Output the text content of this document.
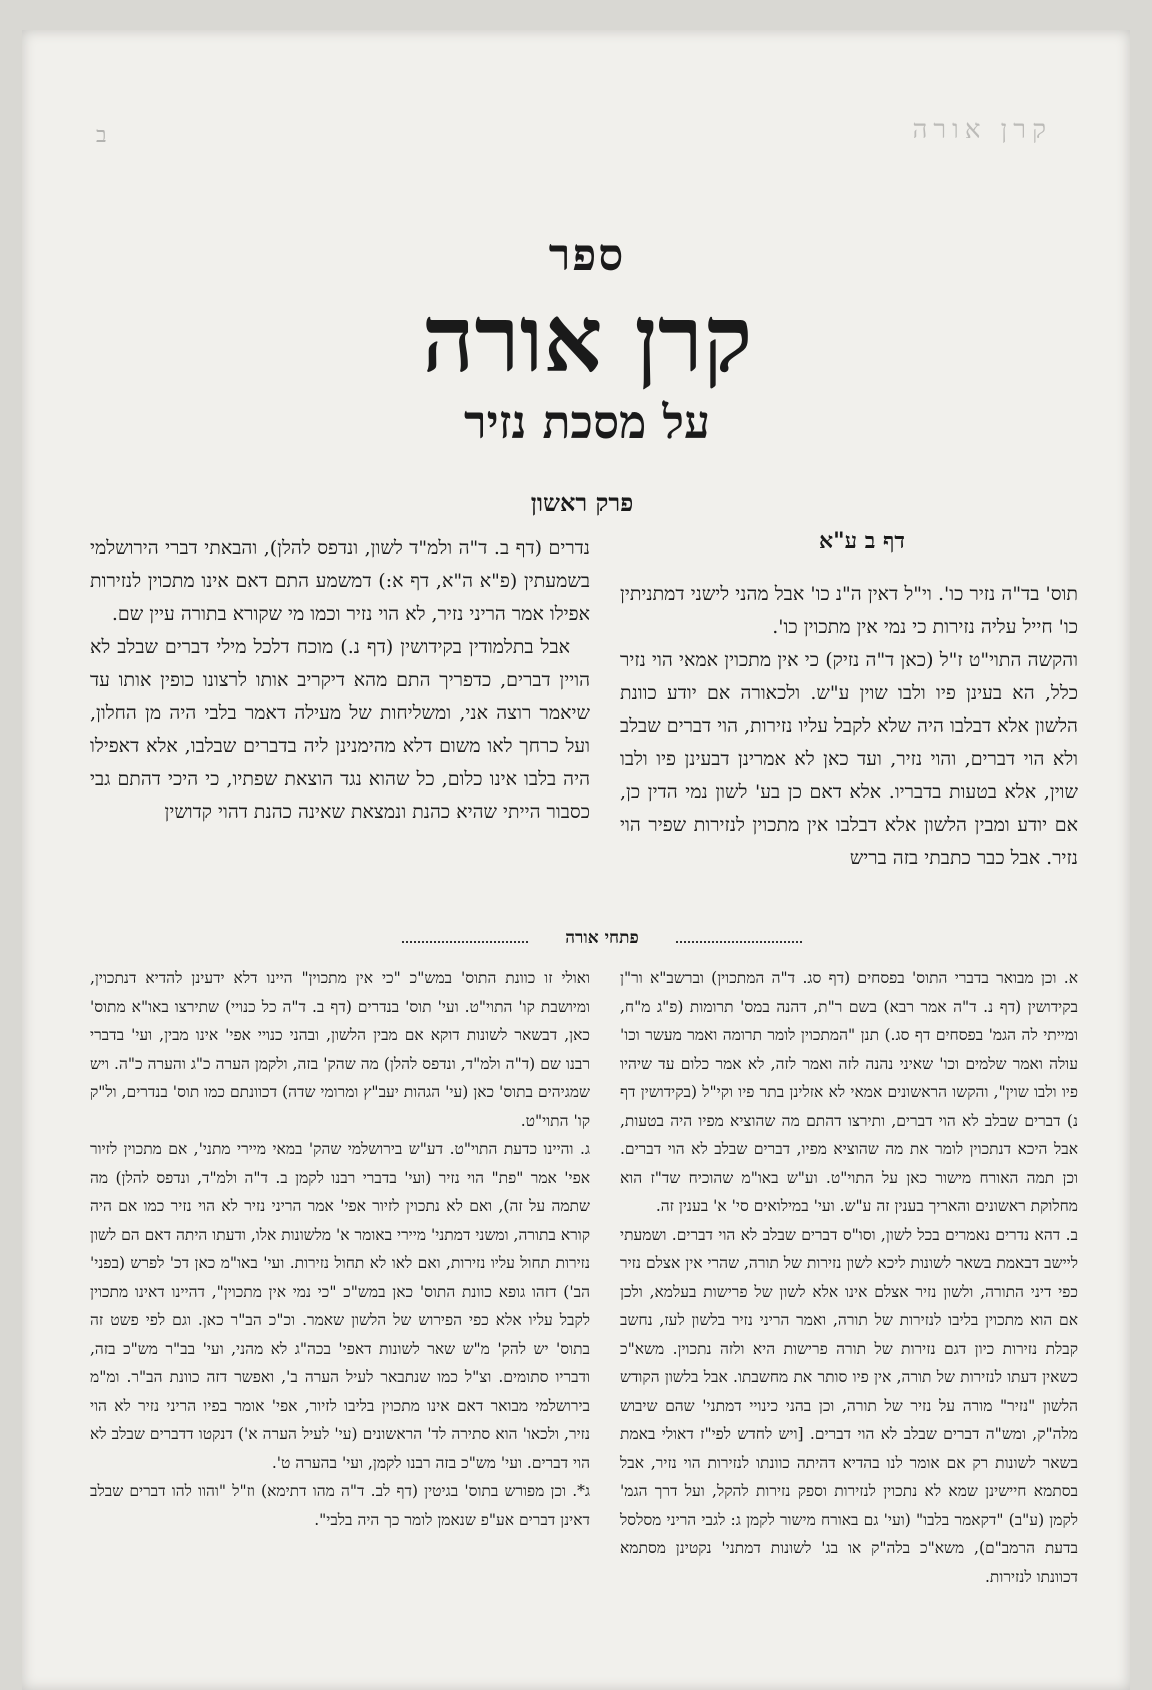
ב	קרן אורה
ספר
קרן אורה
על מסכת נזיר
פרק ראשון
דף ב ע"א

תוס' בד"ה נזיר כו'. וי"ל דאין ה"נ כו' אבל מהני לישני דמתניתין כו' חייל עליה נזירות כי נמי אין מתכוין כו'.

והקשה התוי"ט ז"ל (כאן ד"ה נזיק) כי אין מתכוין אמאי הוי נזיר כלל, הא בעינן פיו ולבו שוין ע"ש. ולכאורה אם יודע כוונת הלשון אלא דבלבו היה שלא לקבל עליו נזירות, הוי דברים שבלב ולא הוי דברים, והוי נזיר, ועד כאן לא אמרינן דבעינן פיו ולבו שוין, אלא בטעות בדבריו. אלא דאם כן בע' לשון נמי הדין כן, אם יודע ומבין הלשון אלא דבלבו אין מתכוין לנזירות שפיר הוי נזיר. אבל כבר כתבתי בזה בריש

נדרים (דף ב. ד"ה ולמ"ד לשון, ונדפס להלן), והבאתי דברי הירושלמי בשמעתין (פ"א ה"א, דף א:) דמשמע התם דאם אינו מתכוין לנזירות אפילו אמר הריני נזיר, לא הוי נזיר וכמו מי שקורא בתורה עיין שם.

אבל בתלמודין בקידושין (דף נ.) מוכח דלכל מילי דברים שבלב לא הויין דברים, כדפריך התם מהא דיקריב אותו לרצונו כופין אותו עד שיאמר רוצה אני, ומשליחות של מעילה דאמר בלבי היה מן החלון, ועל כרחך לאו משום דלא מהימנינן ליה בדברים שבלבו, אלא דאפילו היה בלבו אינו כלום, כל שהוא נגד הוצאת שפתיו, כי היכי דהתם גבי כסבור הייתי שהיא כהנת ונמצאת שאינה כהנת דהוי קדושין

פתחי אורה

א. וכן מבואר בדברי התוס' בפסחים (דף סג. ד"ה המתכוין) וברשב"א ור"ן בקידושין (דף נ. ד"ה אמר רבא) בשם ר"ת, דהנה במס' תרומות (פ"ג מ"ח, ומייתי לה הגמ' בפסחים דף סג.) תנן "המתכוין לומר תרומה ואמר מעשר וכו' עולה ואמר שלמים וכו' שאיני נהנה לזה ואמר לזה, לא אמר כלום עד שיהיו פיו ולבו שוין", והקשו הראשונים אמאי לא אזלינן בתר פיו וקי"ל (בקידושין דף נ) דברים שבלב לא הוי דברים, ותירצו דהתם מה שהוציא מפיו היה בטעות, אבל היכא דנתכוין לומר את מה שהוציא מפיו, דברים שבלב לא הוי דברים. וכן תמה האורח מישור כאן על התוי"ט. וע"ש באו"מ שהוכיח שד"ז הוא מחלוקת ראשונים והאריך בענין זה ע"ש. ועי' במילואים סי' א' בענין זה.

ב. דהא נדרים נאמרים בכל לשון, וסו"ס דברים שבלב לא הוי דברים. ושמעתי ליישב דבאמת בשאר לשונות ליכא לשון נזירות של תורה, שהרי אין אצלם נזיר כפי דיני התורה, ולשון נזיר אצלם אינו אלא לשון של פרישות בעלמא, ולכן אם הוא מתכוין בליבו לנזירות של תורה, ואמר הריני נזיר בלשון לעז, נחשב קבלת נזירות כיון דגם נזירות של תורה פרישות היא ולזה נתכוין. משא"כ כשאין דעתו לנזירות של תורה, אין פיו סותר את מחשבתו. אבל בלשון הקודש הלשון "נזיר" מורה על נזיר של תורה, וכן בהני כינויי דמתני' שהם שיבוש מלה"ק, ומש"ה דברים שבלב לא הוי דברים. [ויש לחדש לפי"ז דאולי באמת בשאר לשונות רק אם אומר לנו בהדיא דהיתה כוונתו לנזירות הוי נזיר, אבל בסתמא חיישינן שמא לא נתכוין לנזירות וספק נזירות להקל, ועל דרך הגמ' לקמן (ע"ב) "דקאמר בלבו" (ועי' גם באורח מישור לקמן ג: לגבי הריני מסלסל בדעת הרמב"ם), משא"כ בלה"ק או בג' לשונות דמתני' נקטינן מסתמא דכוונתו לנזירות.

ואולי זו כוונת התוס' במש"כ "כי אין מתכוין" היינו דלא ידעינן להדיא דנתכוין, ומיושבת קו' התוי"ט. ועי' תוס' בנדרים (דף ב. ד"ה כל כנויי) שתירצו באו"א מתוס' כאן, דבשאר לשונות דוקא אם מבין הלשון, ובהני כנויי אפי' אינו מבין, ועי' בדברי רבנו שם (ד"ה ולמ"ד, ונדפס להלן) מה שהק' בזה, ולקמן הערה כ"ג והערה כ"ה. ויש שמגיהים בתוס' כאן (עי' הגהות יעב"ץ ומרומי שדה) דכוונתם כמו תוס' בנדרים, ול"ק קו' התוי"ט.

ג. והיינו כדעת התוי"ט. דע"ש בירושלמי שהק' במאי מיירי מתני', אם מתכוין לזיור אפי' אמר "פת" הוי נזיר (ועי' בדברי רבנו לקמן ב. ד"ה ולמ"ד, ונדפס להלן) מה שתמה על זה), ואם לא נתכוין לזיור אפי' אמר הריני נזיר לא הוי נזיר כמו אם היה קורא בתורה, ומשני דמתני' מיירי באומר א' מלשונות אלו, ודעתו היתה דאם הם לשון נזירות תחול עליו נזירות, ואם לאו לא תחול נזירות. ועי' באו"מ כאן דכ' לפרש (בפני' הב') דזהו גופא כוונת התוס' כאן במש"כ "כי נמי אין מתכוין", דהיינו דאינו מתכוין לקבל עליו אלא כפי הפירוש של הלשון שאמר. וכ"כ הב"ר כאן. וגם לפי פשט זה בתוס' יש להק' מ"ש שאר לשונות דאפי' בכה"ג לא מהני, ועי' בב"ר מש"כ בזה, ודבריו סתומים. וצ"ל כמו שנתבאר לעיל הערה ב', ואפשר דזה כוונת הב"ר. ומ"מ בירושלמי מבואר דאם אינו מתכוין בליבו לזיור, אפי' אומר בפיו הריני נזיר לא הוי נזיר, ולכאו' הוא סתירה לד' הראשונים (עי' לעיל הערה א') דנקטו דדברים שבלב לא הוי דברים. ועי' מש"כ בזה רבנו לקמן, ועי' בהערה ט'.

ג*. וכן מפורש בתוס' בגיטין (דף לב. ד"ה מהו דתימא) וז"ל "והוו להו דברים שבלב דאינן דברים אע"פ שנאמן לומר כך היה בלבי".
